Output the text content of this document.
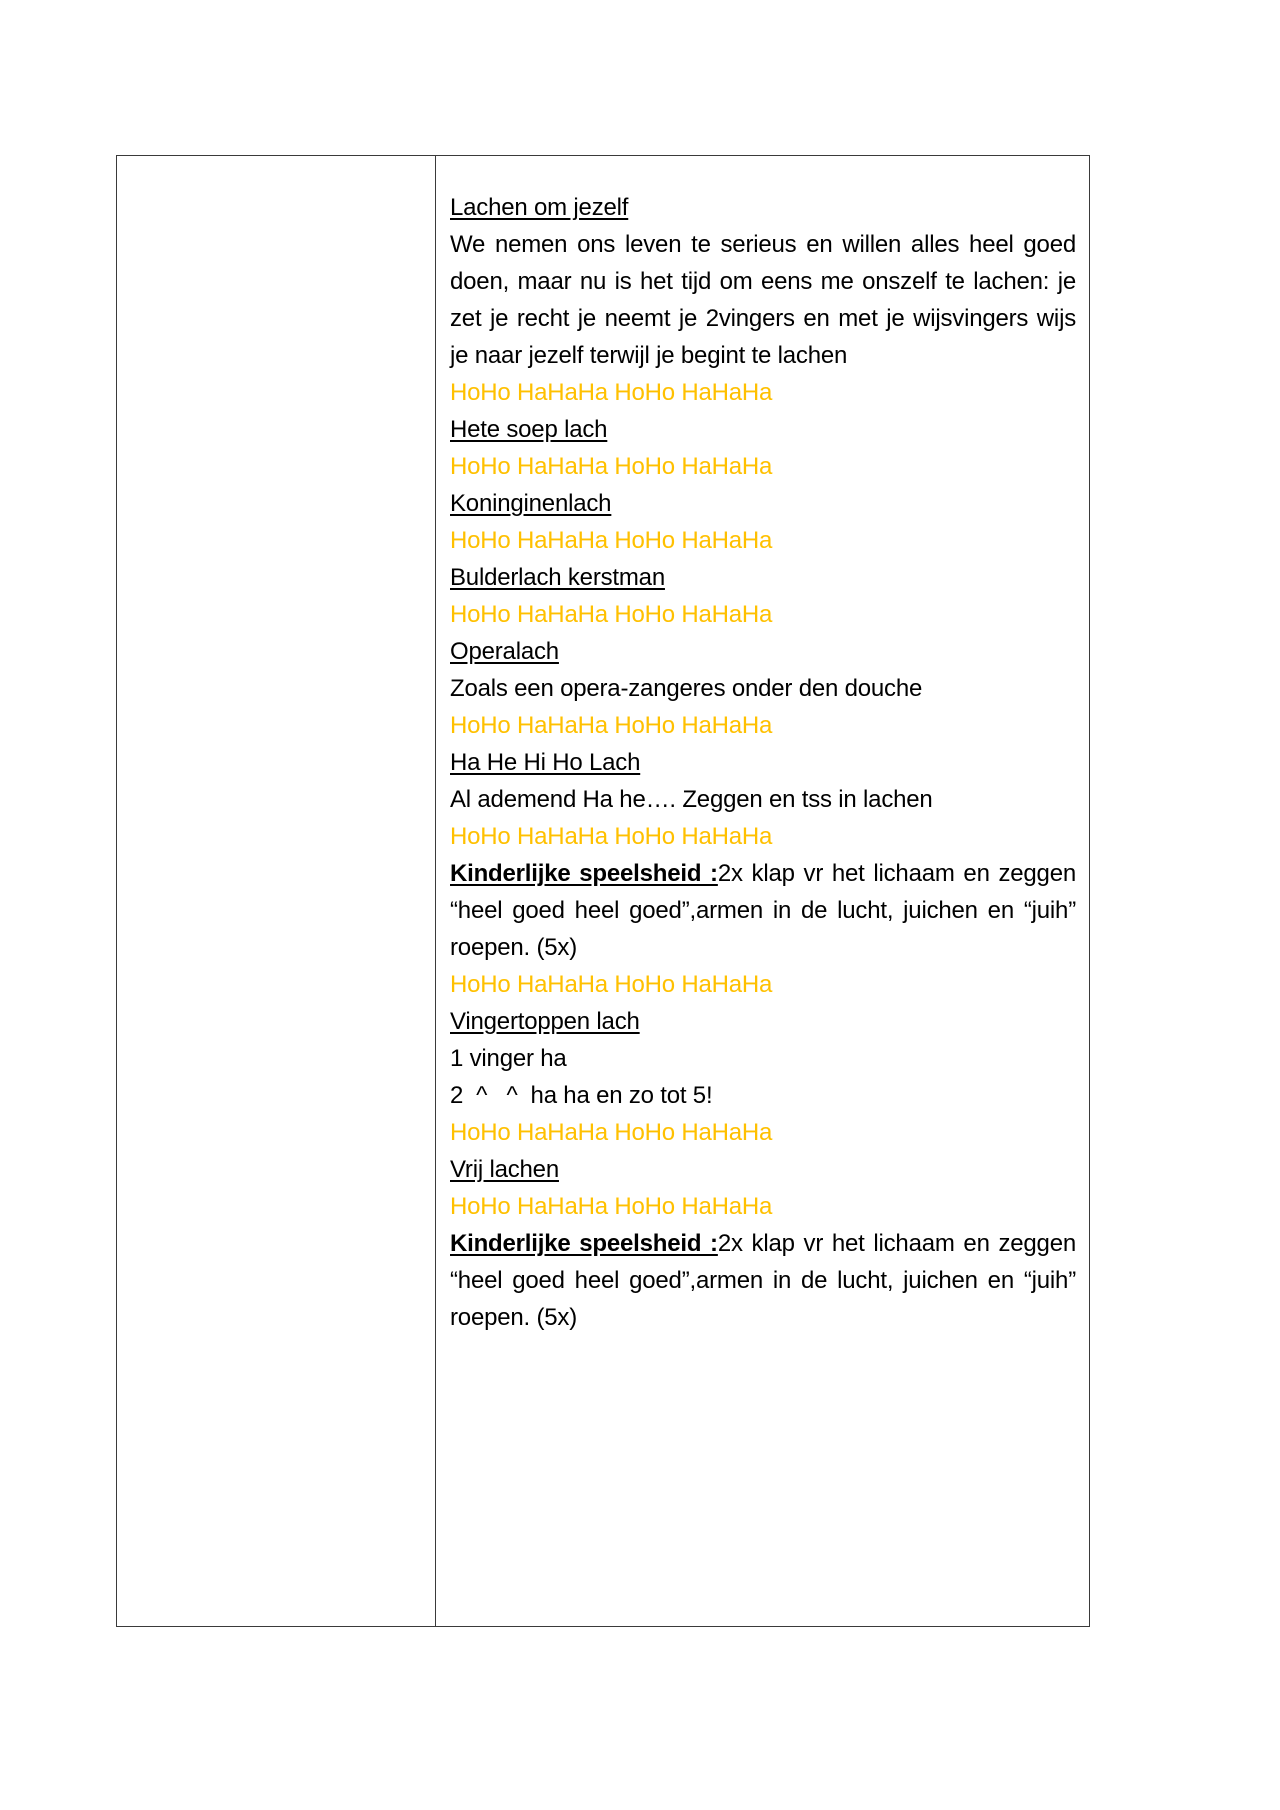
Lachen om jezelf
We nemen ons leven te serieus en willen alles heel goed doen, maar nu is het tijd om eens me onszelf te lachen: je zet je recht je neemt je 2vingers en met je wijsvingers wijs je naar jezelf terwijl je begint te lachen
HoHo HaHaHa HoHo HaHaHa
Hete soep lach
HoHo HaHaHa HoHo HaHaHa
Koninginenlach
HoHo HaHaHa HoHo HaHaHa
Bulderlach kerstman
HoHo HaHaHa HoHo HaHaHa
Operalach
Zoals een opera-zangeres onder den douche
HoHo HaHaHa HoHo HaHaHa
Ha He Hi Ho Lach
Al ademend Ha he…. Zeggen en tss in lachen
HoHo HaHaHa HoHo HaHaHa
Kinderlijke speelsheid :2x klap vr het lichaam en zeggen “heel goed heel goed”,armen in de lucht, juichen en “juih” roepen. (5x)
HoHo HaHaHa HoHo HaHaHa
Vingertoppen lach
1 vinger ha
2  ^   ^  ha ha en zo tot 5!
HoHo HaHaHa HoHo HaHaHa
Vrij lachen
HoHo HaHaHa HoHo HaHaHa
Kinderlijke speelsheid :2x klap vr het lichaam en zeggen “heel goed heel goed”,armen in de lucht, juichen en “juih” roepen. (5x)
